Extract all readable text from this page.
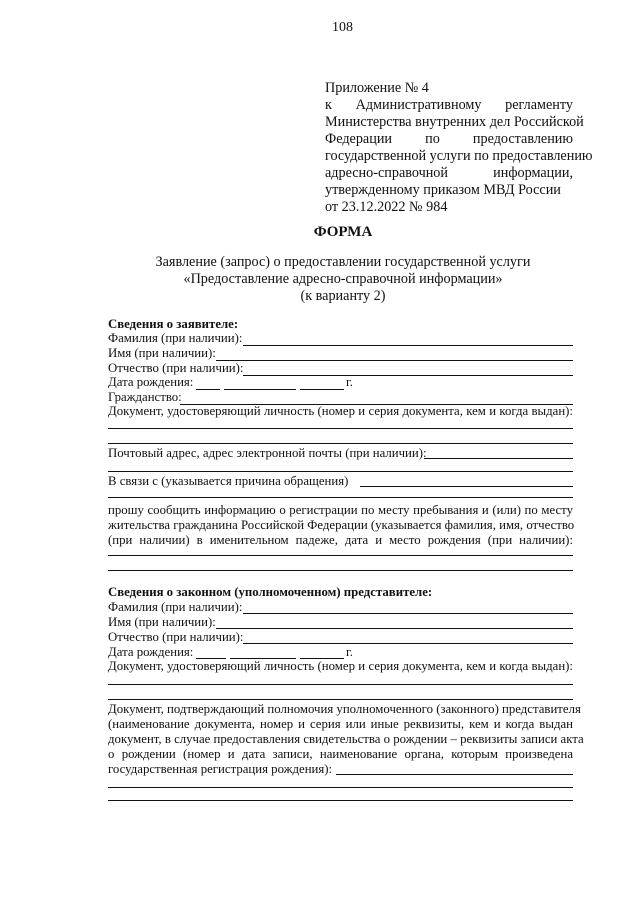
108
Приложение № 4
к Административному регламенту
Министерства внутренних дел Российской
Федерации по предоставлению
государственной услуги по предоставлению
адресно-справочной информации,
утвержденному приказом МВД России
от 23.12.2022 № 984
ФОРМА
Заявление (запрос) о предоставлении государственной услуги
«Предоставление адресно-справочной информации»
(к варианту 2)
Сведения о заявителе:
Фамилия (при наличии):
Имя (при наличии):
Отчество (при наличии):
Дата рождения:	г.
Гражданство:
Документ, удостоверяющий личность (номер и серия документа, кем и когда выдан):
Почтовый адрес, адрес электронной почты (при наличии):
В связи с (указывается причина обращения)
прошу сообщить информацию о регистрации по месту пребывания и (или) по месту
жительства гражданина Российской Федерации (указывается фамилия, имя, отчество
(при наличии) в именительном падеже, дата и место рождения (при наличии):
Сведения о законном (уполномоченном) представителе:
Фамилия (при наличии):
Имя (при наличии):
Отчество (при наличии):
Дата рождения:	г.
Документ, удостоверяющий личность (номер и серия документа, кем и когда выдан):
Документ, подтверждающий полномочия уполномоченного (законного) представителя
(наименование документа, номер и серия или иные реквизиты, кем и когда выдан
документ, в случае предоставления свидетельства о рождении – реквизиты записи акта
о рождении (номер и дата записи, наименование органа, которым произведена
государственная регистрация рождения):
